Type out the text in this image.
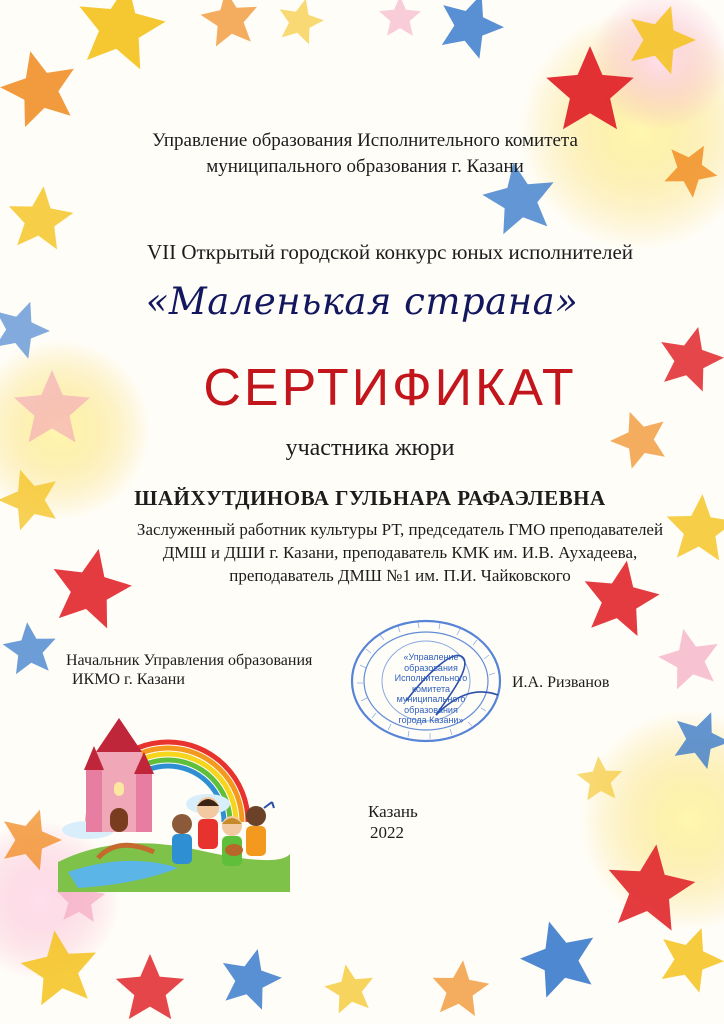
Управление образования Исполнительного комитета
муниципального образования г. Казани
VII Открытый городской конкурс юных исполнителей
«Маленькая страна»
СЕРТИФИКАТ
участника жюри
ШАЙХУТДИНОВА ГУЛЬНАРА РАФАЭЛЕВНА
Заслуженный работник культуры РТ, председатель ГМО преподавателей
ДМШ и ДШИ г. Казани, преподаватель КМК им. И.В. Аухадеева,
преподаватель ДМШ №1 им. П.И. Чайковского
Начальник Управления образования
ИКМО г. Казани	И.А. Ризванов
«Управление
образования
Исполнительного
комитета
муниципального
образования
города Казани»
Казань
2022
